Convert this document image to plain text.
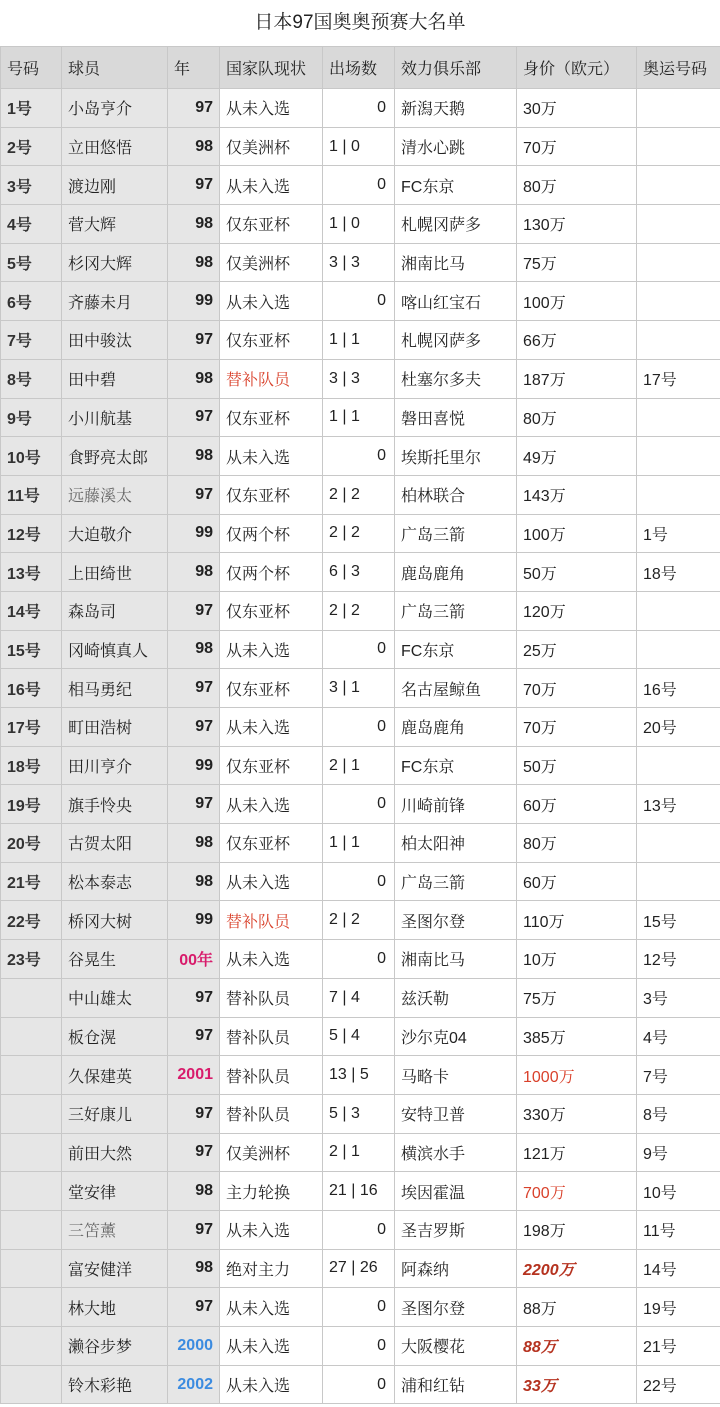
日本97国奥奥预赛大名单
号码	球员	年	国家队现状	出场数	效力俱乐部	身价（欧元）	奥运号码
1号	小岛亨介	97	从未入选	0	新潟天鹅	30万	
2号	立田悠悟	98	仅美洲杯	1 | 0	清水心跳	70万	
3号	渡边刚	97	从未入选	0	FC东京	80万	
4号	菅大辉	98	仅东亚杯	1 | 0	札幌冈萨多	130万	
5号	杉冈大辉	98	仅美洲杯	3 | 3	湘南比马	75万	
6号	齐藤未月	99	从未入选	0	喀山红宝石	100万	
7号	田中骏汰	97	仅东亚杯	1 | 1	札幌冈萨多	66万	
8号	田中碧	98	替补队员	3 | 3	杜塞尔多夫	187万	17号
9号	小川航基	97	仅东亚杯	1 | 1	磐田喜悦	80万	
10号	食野亮太郎	98	从未入选	0	埃斯托里尔	49万	
11号	远藤溪太	97	仅东亚杯	2 | 2	柏林联合	143万	
12号	大迫敬介	99	仅两个杯	2 | 2	广岛三箭	100万	1号
13号	上田绮世	98	仅两个杯	6 | 3	鹿岛鹿角	50万	18号
14号	森岛司	97	仅东亚杯	2 | 2	广岛三箭	120万	
15号	冈崎慎真人	98	从未入选	0	FC东京	25万	
16号	相马勇纪	97	仅东亚杯	3 | 1	名古屋鲸鱼	70万	16号
17号	町田浩树	97	从未入选	0	鹿岛鹿角	70万	20号
18号	田川亨介	99	仅东亚杯	2 | 1	FC东京	50万	
19号	旗手怜央	97	从未入选	0	川崎前锋	60万	13号
20号	古贺太阳	98	仅东亚杯	1 | 1	柏太阳神	80万	
21号	松本泰志	98	从未入选	0	广岛三箭	60万	
22号	桥冈大树	99	替补队员	2 | 2	圣图尔登	110万	15号
23号	谷晃生	00年	从未入选	0	湘南比马	10万	12号
	中山雄太	97	替补队员	7 | 4	兹沃勒	75万	3号
	板仓滉	97	替补队员	5 | 4	沙尔克04	385万	4号
	久保建英	2001	替补队员	13 | 5	马略卡	1000万	7号
	三好康儿	97	替补队员	5 | 3	安特卫普	330万	8号
	前田大然	97	仅美洲杯	2 | 1	横滨水手	121万	9号
	堂安律	98	主力轮换	21 | 16	埃因霍温	700万	10号
	三笘薰	97	从未入选	0	圣吉罗斯	198万	11号
	富安健洋	98	绝对主力	27 | 26	阿森纳	2200万	14号
	林大地	97	从未入选	0	圣图尔登	88万	19号
	濑谷步梦	2000	从未入选	0	大阪樱花	88万	21号
	铃木彩艳	2002	从未入选	0	浦和红钻	33万	22号
